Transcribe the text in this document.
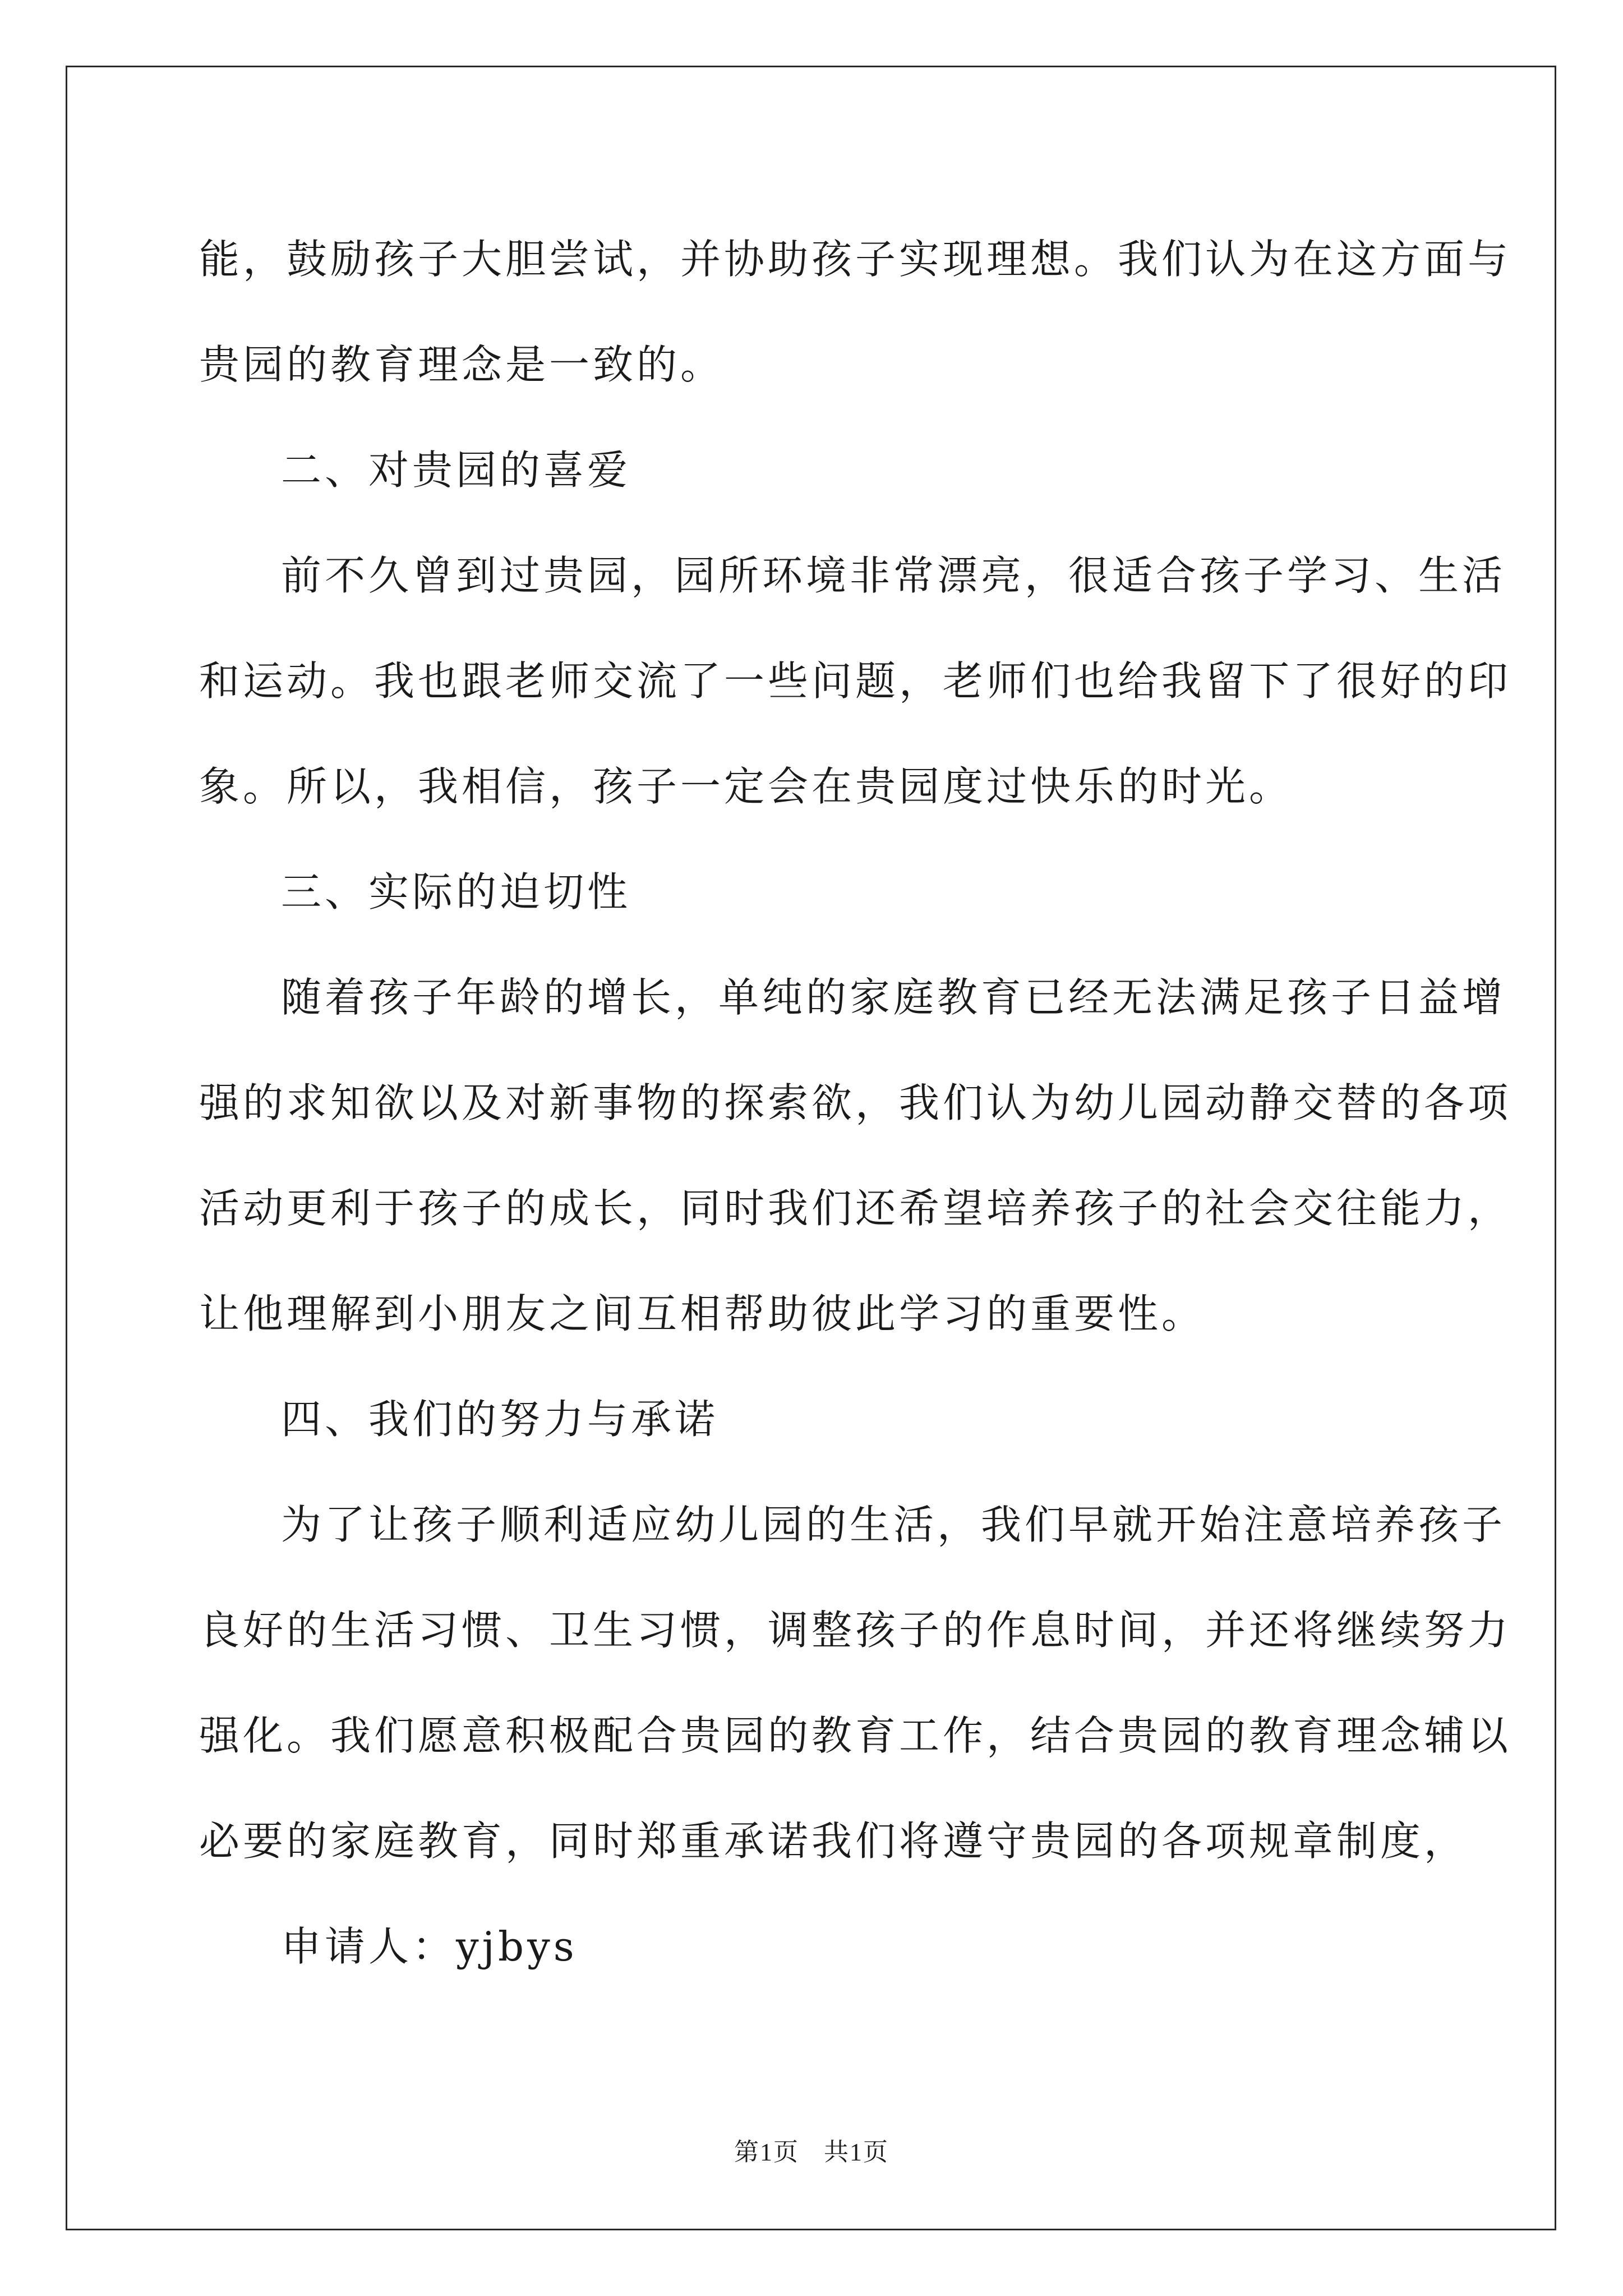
能，鼓励孩子大胆尝试，并协助孩子实现理想。我们认为在这方面与
贵园的教育理念是一致的。
二、对贵园的喜爱
前不久曾到过贵园，园所环境非常漂亮，很适合孩子学习、生活
和运动。我也跟老师交流了一些问题，老师们也给我留下了很好的印
象。所以，我相信，孩子一定会在贵园度过快乐的时光。
三、实际的迫切性
随着孩子年龄的增长，单纯的家庭教育已经无法满足孩子日益增
强的求知欲以及对新事物的探索欲，我们认为幼儿园动静交替的各项
活动更利于孩子的成长，同时我们还希望培养孩子的社会交往能力，
让他理解到小朋友之间互相帮助彼此学习的重要性。
四、我们的努力与承诺
为了让孩子顺利适应幼儿园的生活，我们早就开始注意培养孩子
良好的生活习惯、卫生习惯，调整孩子的作息时间，并还将继续努力
强化。我们愿意积极配合贵园的教育工作，结合贵园的教育理念辅以
必要的家庭教育，同时郑重承诺我们将遵守贵园的各项规章制度，
申请人：yjbys
第1页 共1页
